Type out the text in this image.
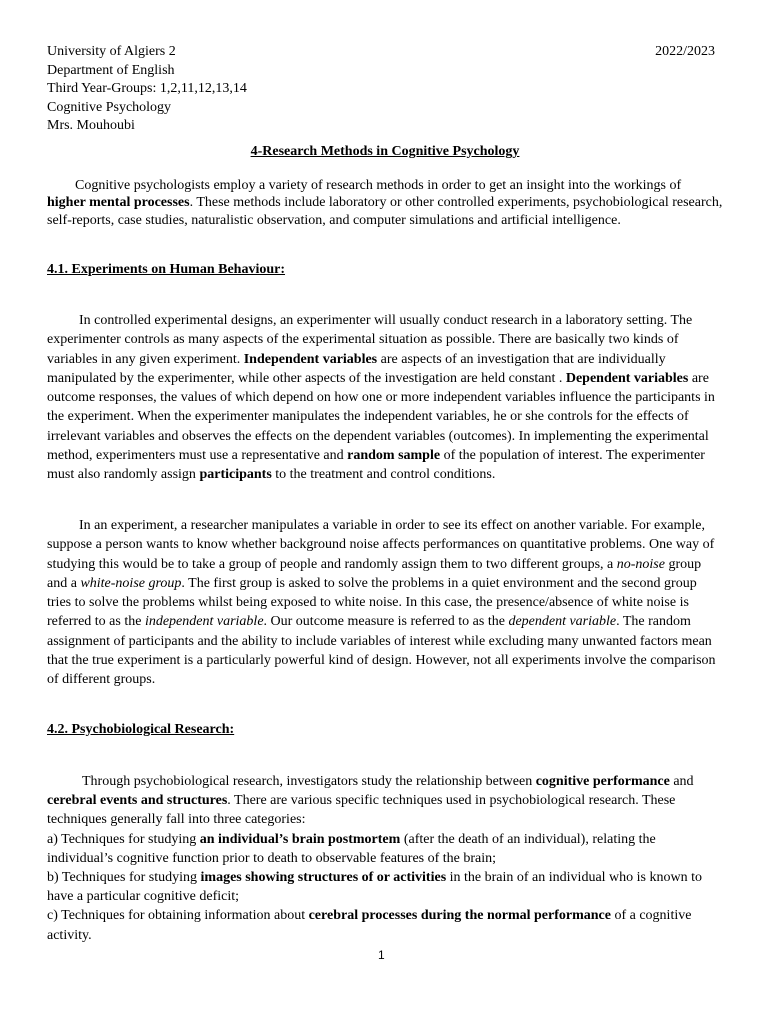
University of Algiers 2	2022/2023
Department of English
Third Year-Groups: 1,2,11,12,13,14
Cognitive Psychology
Mrs. Mouhoubi
4-Research Methods in Cognitive Psychology
Cognitive psychologists employ a variety of research methods in order to get an insight into the workings of higher mental processes. These methods include laboratory or other controlled experiments, psychobiological research, self-reports, case studies, naturalistic observation, and computer simulations and artificial intelligence.
4.1. Experiments on Human Behaviour:
In controlled experimental designs, an experimenter will usually conduct research in a laboratory setting. The experimenter controls as many aspects of the experimental situation as possible. There are basically two kinds of variables in any given experiment. Independent variables are aspects of an investigation that are individually manipulated by the experimenter, while other aspects of the investigation are held constant . Dependent variables are outcome responses, the values of which depend on how one or more independent variables influence the participants in the experiment. When the experimenter manipulates the independent variables, he or she controls for the effects of irrelevant variables and observes the effects on the dependent variables (outcomes). In implementing the experimental method, experimenters must use a representative and random sample of the population of interest. The experimenter must also randomly assign participants to the treatment and control conditions.
In an experiment, a researcher manipulates a variable in order to see its effect on another variable. For example, suppose a person wants to know whether background noise affects performances on quantitative problems. One way of studying this would be to take a group of people and randomly assign them to two different groups, a no-noise group and a white-noise group. The first group is asked to solve the problems in a quiet environment and the second group tries to solve the problems whilst being exposed to white noise. In this case, the presence/absence of white noise is referred to as the independent variable. Our outcome measure is referred to as the dependent variable. The random assignment of participants and the ability to include variables of interest while excluding many unwanted factors mean that the true experiment is a particularly powerful kind of design. However, not all experiments involve the comparison of different groups.
4.2. Psychobiological Research:
Through psychobiological research, investigators study the relationship between cognitive performance and cerebral events and structures. There are various specific techniques used in psychobiological research. These techniques generally fall into three categories:
a) Techniques for studying an individual’s brain postmortem (after the death of an individual), relating the individual’s cognitive function prior to death to observable features of the brain;
b) Techniques for studying images showing structures of or activities in the brain of an individual who is known to have a particular cognitive deficit;
c) Techniques for obtaining information about cerebral processes during the normal performance of a cognitive activity.
1
